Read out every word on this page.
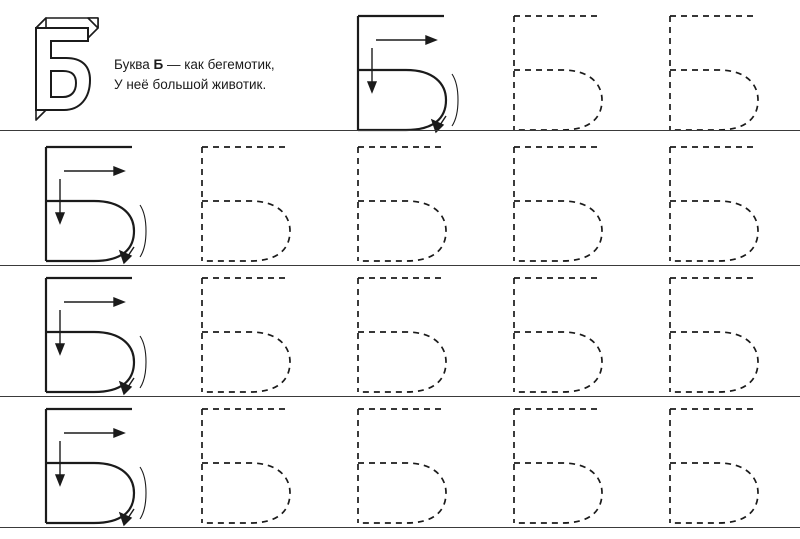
Буква Б — как бегемотик,
У неё большой животик.
